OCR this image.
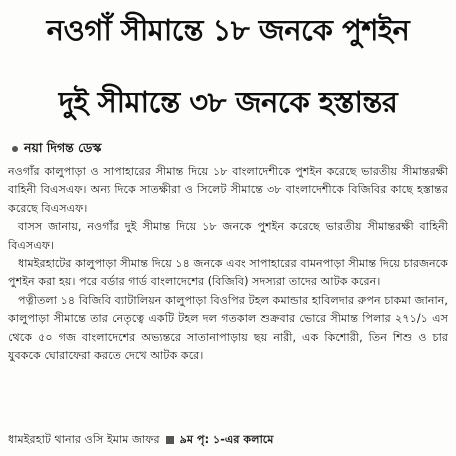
নওগাঁ সীমান্তে ১৮ জনকে পুশইন
দুই সীমান্তে ৩৮ জনকে হস্তান্তর
নয়া দিগন্ত ডেস্ক

নওগাঁর কালুপাড়া ও সাপাহারের সীমান্ত দিয়ে ১৮ বাংলাদেশীকে পুশইন করেছে ভারতীয় সীমান্তরক্ষী বাহিনী বিএসএফ। অন্য দিকে সাতক্ষীরা ও সিলেট সীমান্তে ৩৮ বাংলাদেশীকে বিজিবির কাছে হস্তান্তর করেছে বিএসএফ।

বাসস জানায়, নওগাঁর দুই সীমান্ত দিয়ে ১৮ জনকে পুশইন করেছে ভারতীয় সীমান্তরক্ষী বাহিনী বিএসএফ।

ধামইরহাটের কালুপাড়া সীমান্ত দিয়ে ১৪ জনকে এবং সাপাহারের বামনপাড়া সীমান্ত দিয়ে চারজনকে পুশইন করা হয়। পরে বর্ডার গার্ড বাংলাদেশের (বিজিবি) সদস্যরা তাদের আটক করেন।

পত্নীতলা ১৪ বিজিবি ব্যাটালিয়ন কালুপাড়া বিওপির টহল কমান্ডার হাবিলদার রুপন চাকমা জানান, কালুপাড়া সীমান্তে তার নেতৃত্বে একটি টহল দল গতকাল শুক্রবার ভোরে সীমান্ত পিলার ২৭১/১ এস থেকে ৫০ গজ বাংলাদেশের অভ্যন্তরে সাতানাপাড়ায় ছয় নারী, এক কিশোরী, তিন শিশু ও চার যুবককে ঘোরাফেরা করতে দেখে আটক করে।

ধামইরহাট থানার ওসি ইমাম জাফর ৯ম পৃ: ১-এর কলামে
